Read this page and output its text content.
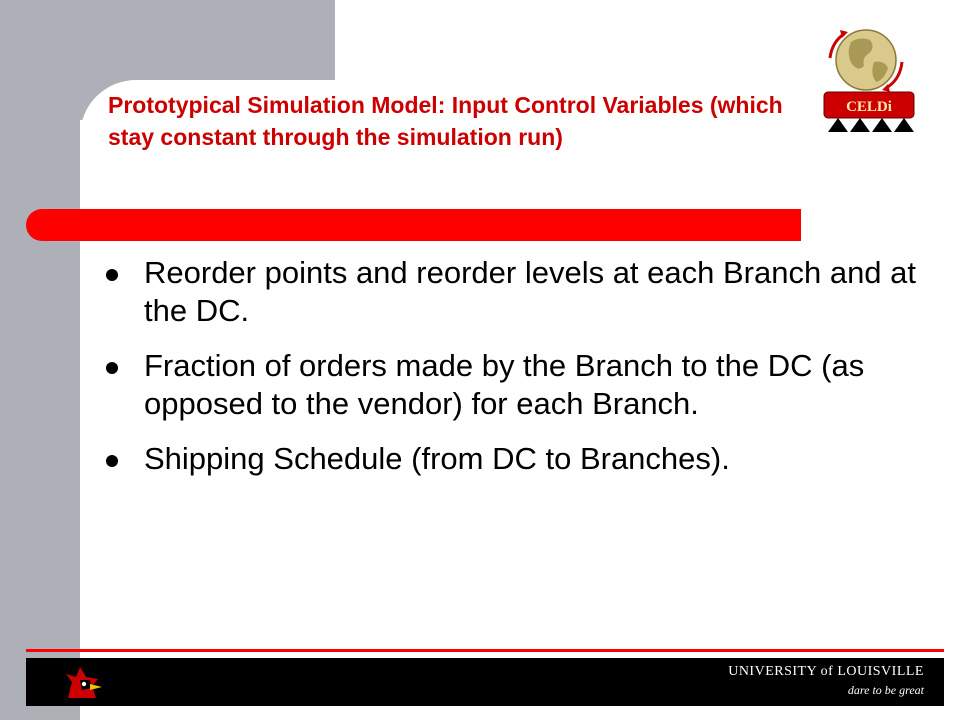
Prototypical Simulation Model: Input Control Variables (which stay constant through the simulation run)
CELDi
Reorder points and reorder levels at each Branch and at the DC.
Fraction of orders made by the Branch to the DC (as opposed to the vendor) for each Branch.
Shipping Schedule (from DC to Branches).
UNIVERSITY of LOUISVILLE
dare to be great
